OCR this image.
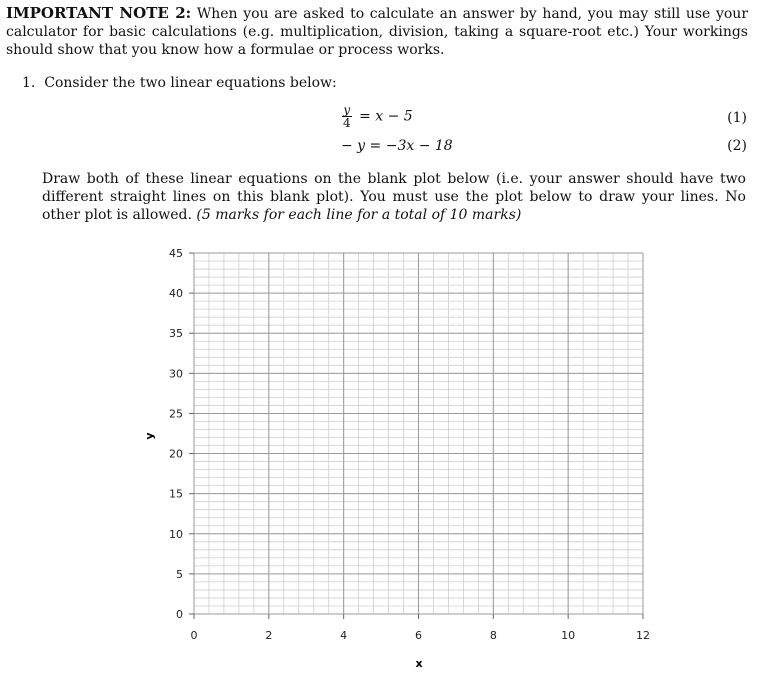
IMPORTANT NOTE 2: When you are asked to calculate an answer by hand, you may still use your calculator for basic calculations (e.g. multiplication, division, taking a square-root etc.) Your workings should show that you know how a formulae or process works.
1. Consider the two linear equations below:
$\frac{y}{4} = x - 5$	(1)
− y = −3x − 18	(2)
Draw both of these linear equations on the blank plot below (i.e. your answer should have two different straight lines on this blank plot). You must use the plot below to draw your lines. No other plot is allowed. (5 marks for each line for a total of 10 marks)
0	2	4	6	8	10	12
0
5
10
15
20
25
30
35
40
45
x
y
